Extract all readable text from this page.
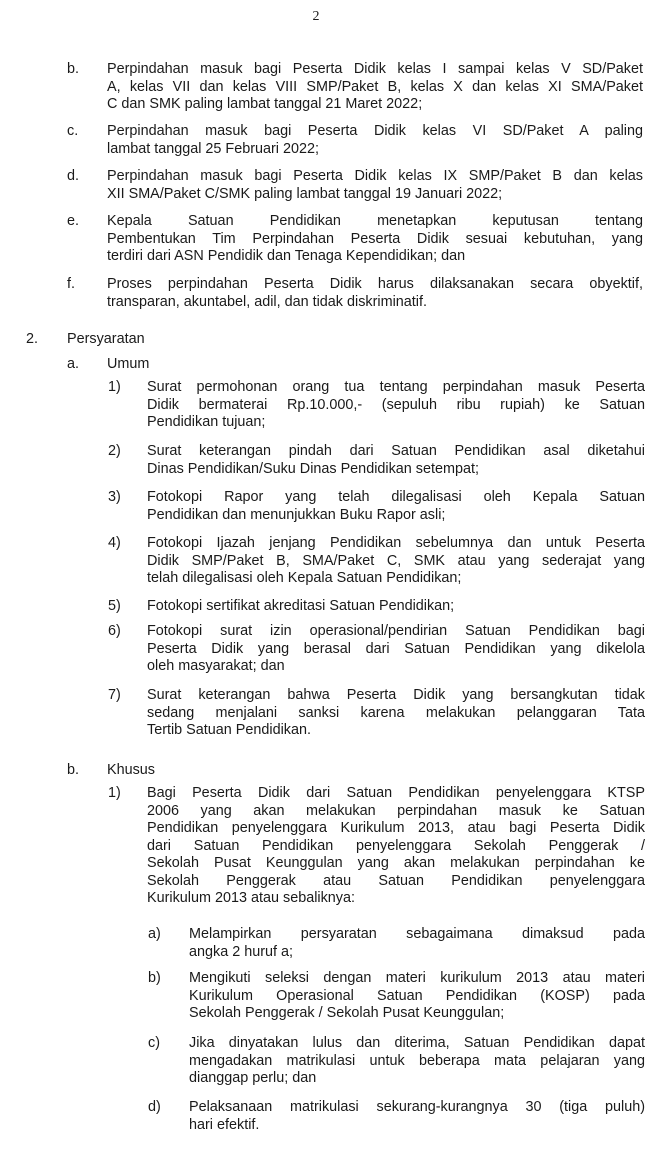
2
b. Perpindahan masuk bagi Peserta Didik kelas I sampai kelas V SD/Paket
A, kelas VII dan kelas VIII SMP/Paket B, kelas X dan kelas XI SMA/Paket
C dan SMK paling lambat tanggal 21 Maret 2022;
c. Perpindahan masuk bagi Peserta Didik kelas VI SD/Paket A paling
lambat tanggal 25 Februari 2022;
d. Perpindahan masuk bagi Peserta Didik kelas IX SMP/Paket B dan kelas
XII SMA/Paket C/SMK paling lambat tanggal 19 Januari 2022;
e. Kepala Satuan Pendidikan menetapkan keputusan tentang
Pembentukan Tim Perpindahan Peserta Didik sesuai kebutuhan, yang
terdiri dari ASN Pendidik dan Tenaga Kependidikan; dan
f. Proses perpindahan Peserta Didik harus dilaksanakan secara obyektif,
transparan, akuntabel, adil, dan tidak diskriminatif.
2. Persyaratan
a. Umum
1) Surat permohonan orang tua tentang perpindahan masuk Peserta
Didik bermaterai Rp.10.000,- (sepuluh ribu rupiah) ke Satuan
Pendidikan tujuan;
2) Surat keterangan pindah dari Satuan Pendidikan asal diketahui
Dinas Pendidikan/Suku Dinas Pendidikan setempat;
3) Fotokopi Rapor yang telah dilegalisasi oleh Kepala Satuan
Pendidikan dan menunjukkan Buku Rapor asli;
4) Fotokopi Ijazah jenjang Pendidikan sebelumnya dan untuk Peserta
Didik SMP/Paket B, SMA/Paket C, SMK atau yang sederajat yang
telah dilegalisasi oleh Kepala Satuan Pendidikan;
5) Fotokopi sertifikat akreditasi Satuan Pendidikan;
6) Fotokopi surat izin operasional/pendirian Satuan Pendidikan bagi
Peserta Didik yang berasal dari Satuan Pendidikan yang dikelola
oleh masyarakat; dan
7) Surat keterangan bahwa Peserta Didik yang bersangkutan tidak
sedang menjalani sanksi karena melakukan pelanggaran Tata
Tertib Satuan Pendidikan.
b. Khusus
1) Bagi Peserta Didik dari Satuan Pendidikan penyelenggara KTSP
2006 yang akan melakukan perpindahan masuk ke Satuan
Pendidikan penyelenggara Kurikulum 2013, atau bagi Peserta Didik
dari Satuan Pendidikan penyelenggara Sekolah Penggerak /
Sekolah Pusat Keunggulan yang akan melakukan perpindahan ke
Sekolah Penggerak atau Satuan Pendidikan penyelenggara
Kurikulum 2013 atau sebaliknya:
a) Melampirkan persyaratan sebagaimana dimaksud pada
angka 2 huruf a;
b) Mengikuti seleksi dengan materi kurikulum 2013 atau materi
Kurikulum Operasional Satuan Pendidikan (KOSP) pada
Sekolah Penggerak / Sekolah Pusat Keunggulan;
c) Jika dinyatakan lulus dan diterima, Satuan Pendidikan dapat
mengadakan matrikulasi untuk beberapa mata pelajaran yang
dianggap perlu; dan
d) Pelaksanaan matrikulasi sekurang-kurangnya 30 (tiga puluh)
hari efektif.
